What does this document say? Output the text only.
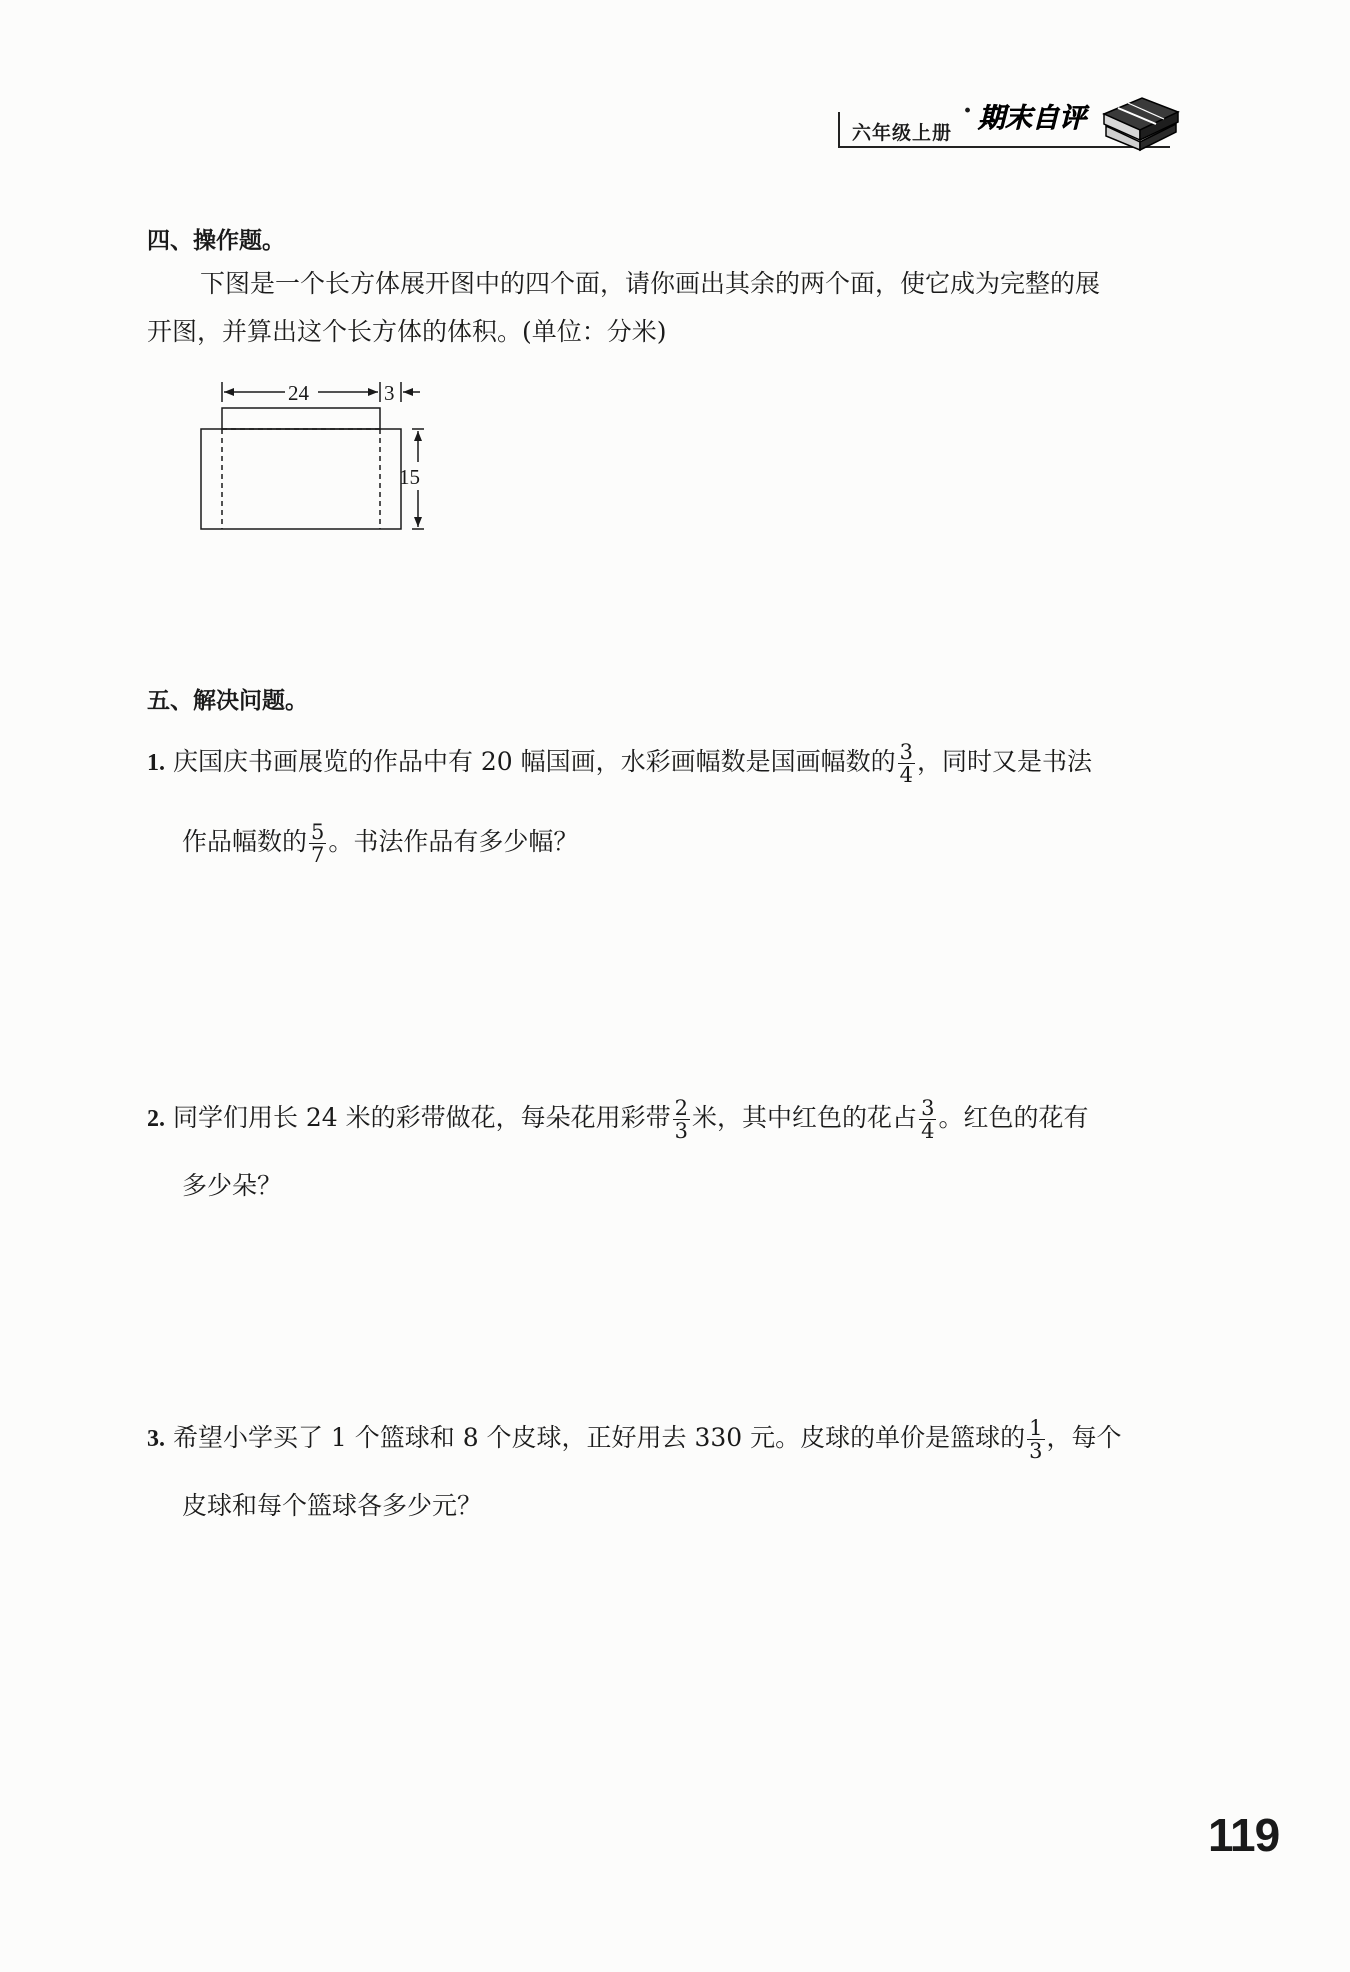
六年级上册
· 期末自评
四、操作题。
下图是一个长方体展开图中的四个面，请你画出其余的两个面，使它成为完整的展
开图，并算出这个长方体的体积。(单位：分米)
24	3
15
五、解决问题。
1. 庆国庆书画展览的作品中有 20 幅国画，水彩画幅数是国画幅数的 $\frac{3}{4}$ ，同时又是书法
作品幅数的 $\frac{5}{7}$ 。书法作品有多少幅？
2. 同学们用长 24 米的彩带做花，每朵花用彩带 $\frac{2}{3}$ 米，其中红色的花占 $\frac{3}{4}$ 。红色的花有
多少朵？
3. 希望小学买了 1 个篮球和 8 个皮球，正好用去 330 元。皮球的单价是篮球的 $\frac{1}{3}$ ，每个
皮球和每个篮球各多少元？
119
